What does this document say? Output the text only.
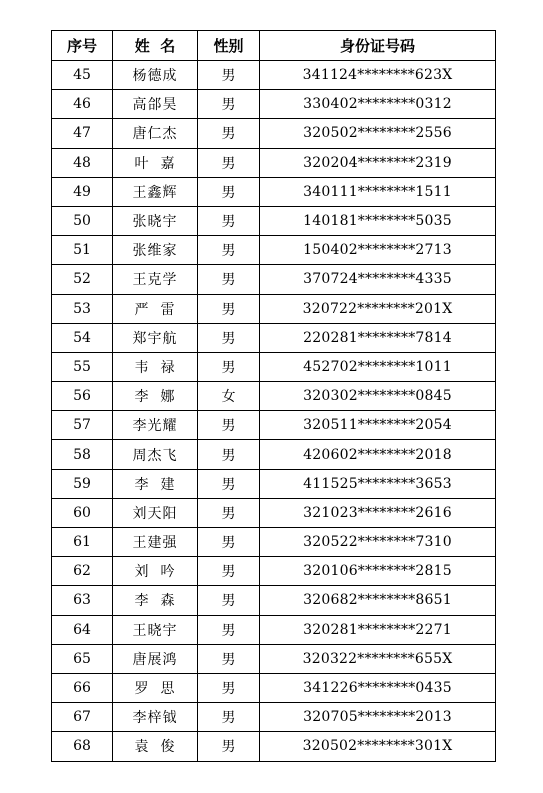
序号	姓  名	性别	身份证号码
45	杨德成	男	341124********623X
46	高郃昊	男	330402********0312
47	唐仁杰	男	320502********2556
48	叶  嘉	男	320204********2319
49	王鑫辉	男	340111********1511
50	张晓宇	男	140181********5035
51	张维家	男	150402********2713
52	王克学	男	370724********4335
53	严  雷	男	320722********201X
54	郑宇航	男	220281********7814
55	韦  禄	男	452702********1011
56	李  娜	女	320302********0845
57	李光耀	男	320511********2054
58	周杰飞	男	420602********2018
59	李  建	男	411525********3653
60	刘天阳	男	321023********2616
61	王建强	男	320522********7310
62	刘  吟	男	320106********2815
63	李  森	男	320682********8651
64	王晓宇	男	320281********2271
65	唐展鸿	男	320322********655X
66	罗  思	男	341226********0435
67	李梓钺	男	320705********2013
68	袁  俊	男	320502********301X
